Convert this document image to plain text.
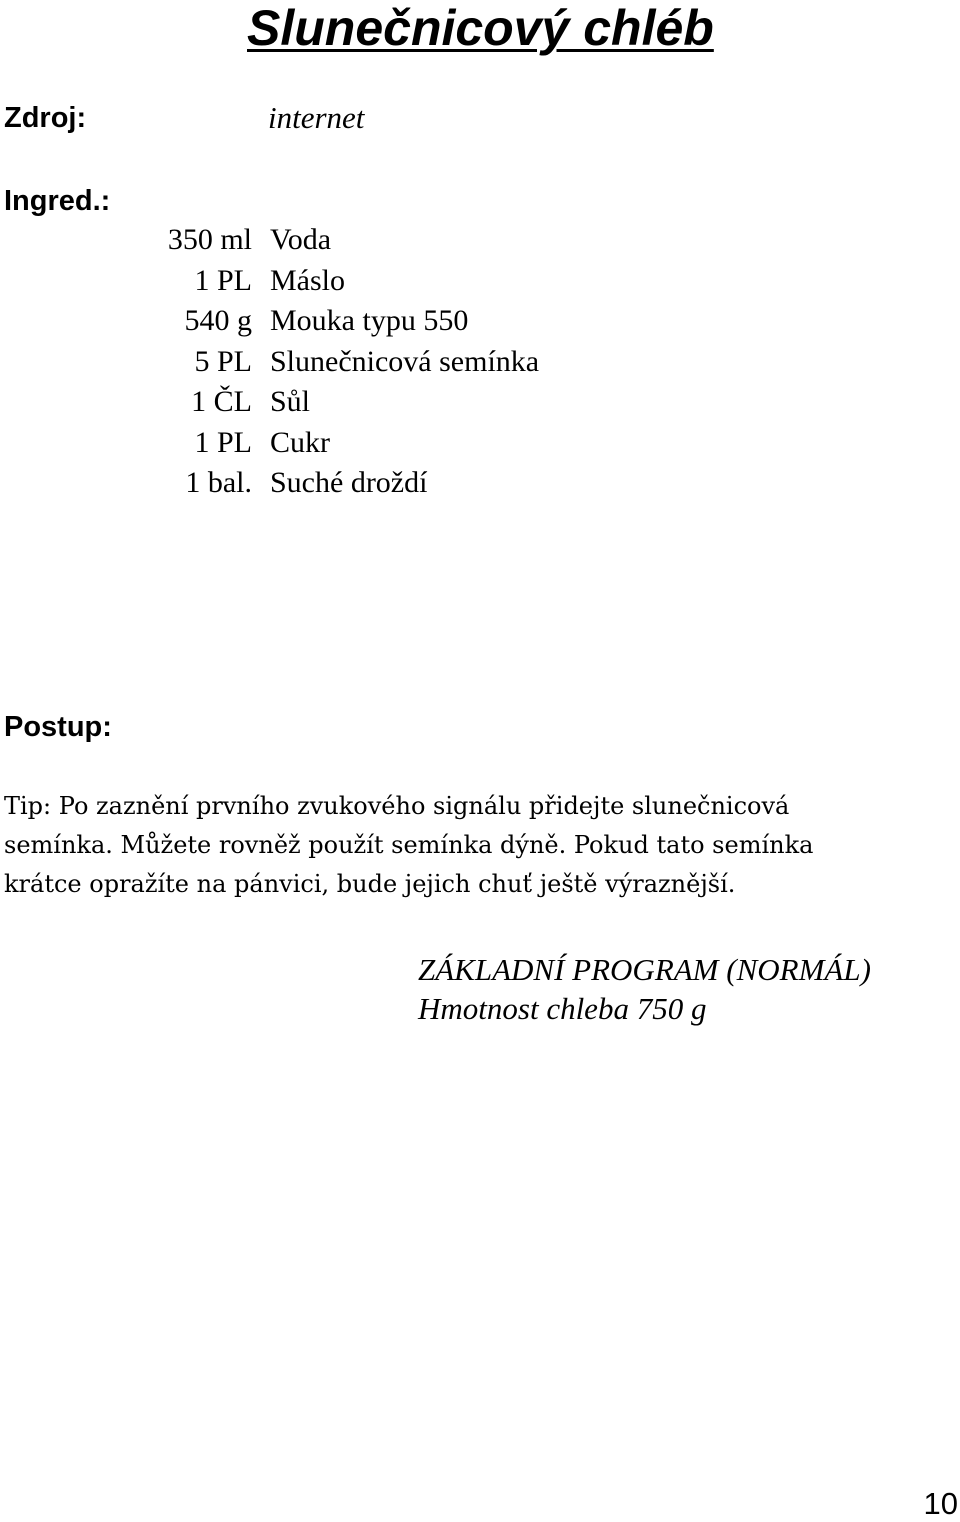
Slunečnicový chléb
Zdroj:	internet
Ingred.:
350 ml Voda
1 PL Máslo
540 g Mouka typu 550
5 PL Slunečnicová semínka
1 ČL Sůl
1 PL Cukr
1 bal. Suché droždí
Postup:
Tip: Po zaznění prvního zvukového signálu přidejte slunečnicová
semínka. Můžete rovněž použít semínka dýně. Pokud tato semínka
krátce opražíte na pánvici, bude jejich chuť ještě výraznější.
ZÁKLADNÍ PROGRAM (NORMÁL)
Hmotnost chleba 750 g
10
